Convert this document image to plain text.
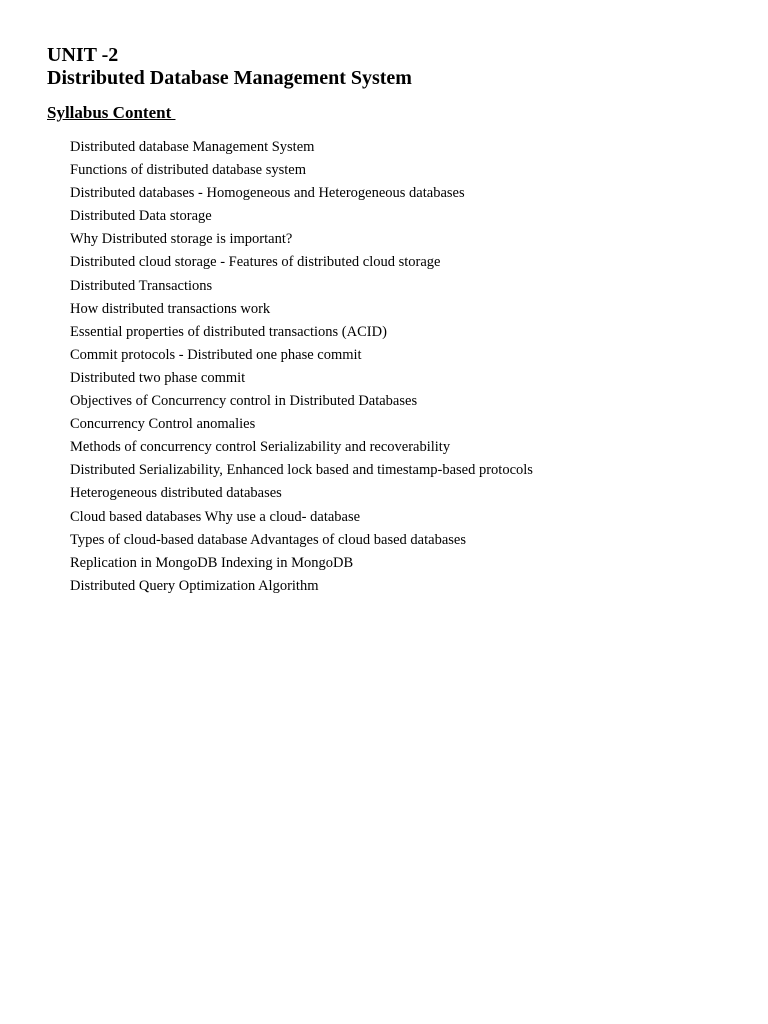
UNIT -2
Distributed Database Management System
Syllabus Content
Distributed database Management System
Functions of distributed database system
Distributed databases - Homogeneous and Heterogeneous databases
Distributed Data storage
Why Distributed storage is important?
Distributed cloud storage - Features of distributed cloud storage
Distributed Transactions
How distributed transactions work
Essential properties of distributed transactions (ACID)
Commit protocols - Distributed one phase commit
Distributed two phase commit
Objectives of Concurrency control in Distributed Databases
Concurrency Control anomalies
Methods of concurrency control Serializability and recoverability
Distributed Serializability, Enhanced lock based and timestamp-based protocols
Heterogeneous distributed databases
Cloud based databases Why use a cloud- database
Types of cloud-based database Advantages of cloud based databases
Replication in MongoDB Indexing in MongoDB
Distributed Query Optimization Algorithm
